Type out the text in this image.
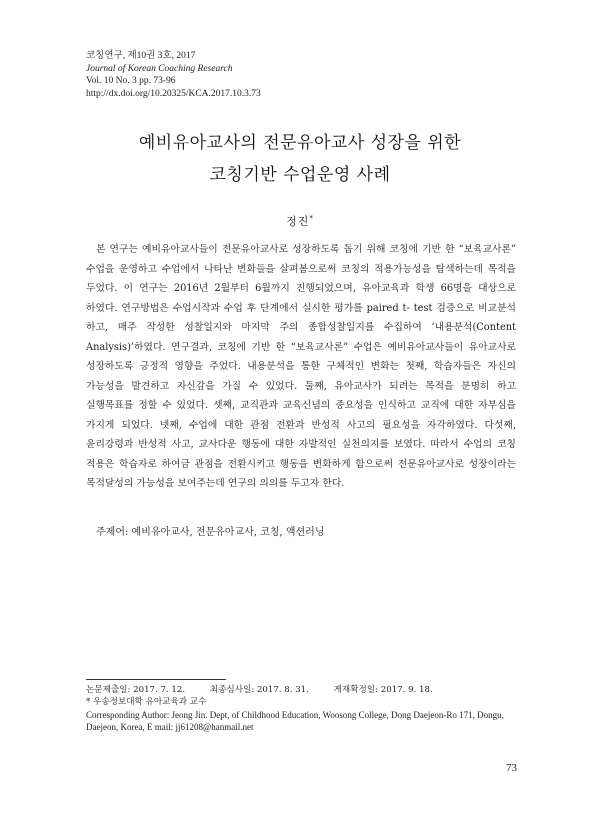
코칭연구, 제10권 3호, 2017
Journal of Korean Coaching Research
Vol. 10 No. 3 pp. 73-96
http://dx.doi.org/10.20325/KCA.2017.10.3.73
예비유아교사의 전문유아교사 성장을 위한
코칭기반 수업운영 사례
정진*

본 연구는 예비유아교사들이 전문유아교사로 성장하도록 돕기 위해 코칭에 기반 한 “보육교사론” 수업을 운영하고 수업에서 나타난 변화들을 살펴봄으로써 코칭의 적용가능성을 탐색하는데 목적을 두었다. 이 연구는 2016년 2월부터 6월까지 진행되었으며, 유아교육과 학생 66명을 대상으로 하였다. 연구방법은 수업시작과 수업 후 단계에서 실시한 평가를 paired t- test 검증으로 비교분석 하고, 매주 작성한 성찰일지와 마지막 주의 종합성찰일지를 수집하여 ‘내용분석(Content Analysis)’하였다. 연구결과, 코칭에 기반 한 “보육교사론” 수업은 예비유아교사들이 유아교사로 성장하도록 긍정적 영향을 주었다. 내용분석을 통한 구체적인 변화는 첫째, 학습자들은 자신의 가능성을 발견하고 자신감을 가질 수 있었다. 둘째, 유아교사가 되려는 목적을 분명히 하고 실행목표를 정할 수 있었다. 셋째, 교직관과 교육신념의 중요성을 인식하고 교직에 대한 자부심을 가지게 되었다. 넷째, 수업에 대한 관점 전환과 반성적 사고의 필요성을 자각하였다. 다섯째, 윤리강령과 반성적 사고, 교사다운 행동에 대한 자발적인 실천의지를 보였다. 따라서 수업의 코칭 적용은 학습자로 하여금 관점을 전환시키고 행동을 변화하게 함으로써 전문유아교사로 성장이라는 목적달성의 가능성을 보여주는데 연구의 의의를 두고자 한다.

주제어: 예비유아교사, 전문유아교사, 코칭, 액션러닝
논문제출일: 2017. 7. 12.	최종심사일: 2017. 8. 31.	게재확정일: 2017. 9. 18.
* 우송정보대학 유아교육과 교수
Corresponding Author: Jeong Jin. Dept, of Childhood Education, Woosong College, Dong Daejeon-Ro 171, Dongu, Daejeon, Korea, E mail: jj61208@hanmail.net
73
